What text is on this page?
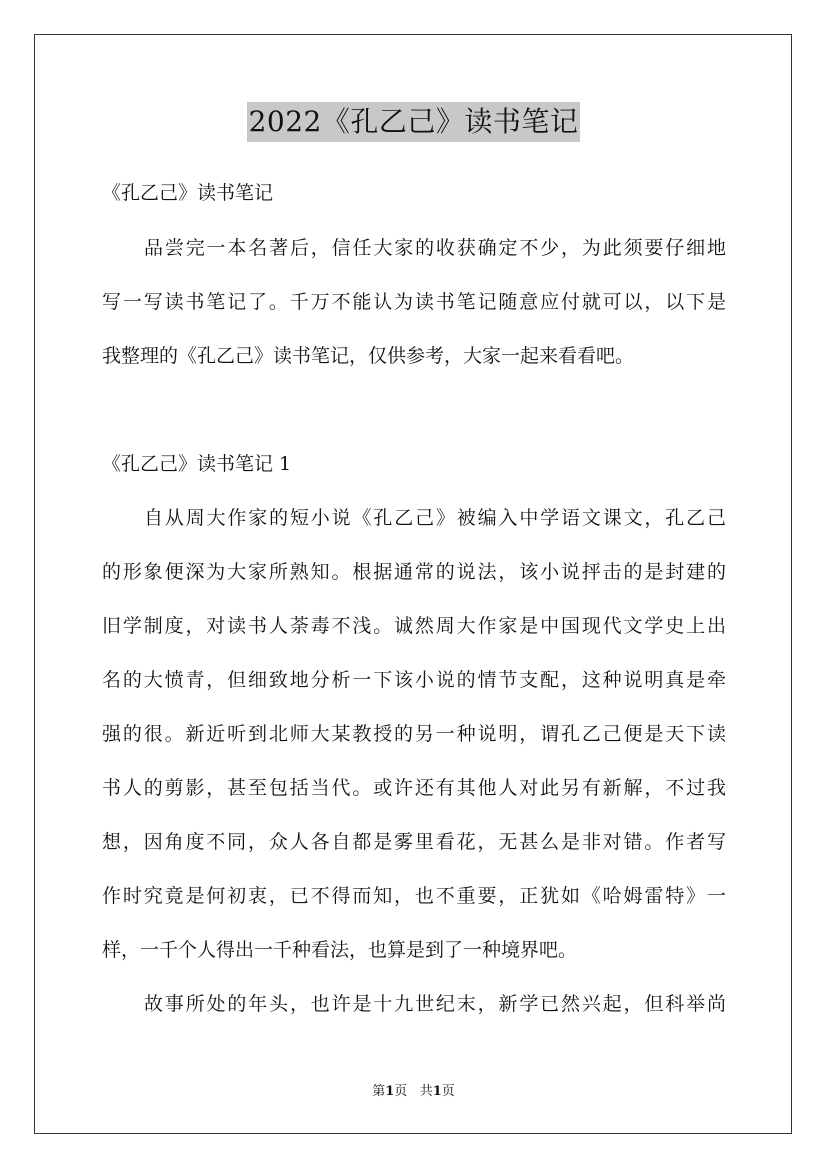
2022《孔乙己》读书笔记
《孔乙己》读书笔记
品尝完一本名著后，信任大家的收获确定不少，为此须要仔细地
写一写读书笔记了。千万不能认为读书笔记随意应付就可以，以下是
我整理的《孔乙己》读书笔记，仅供参考，大家一起来看看吧。
《孔乙己》读书笔记 1
自从周大作家的短小说《孔乙己》被编入中学语文课文，孔乙己
的形象便深为大家所熟知。根据通常的说法，该小说抨击的是封建的
旧学制度，对读书人荼毒不浅。诚然周大作家是中国现代文学史上出
名的大愤青，但细致地分析一下该小说的情节支配，这种说明真是牵
强的很。新近听到北师大某教授的另一种说明，谓孔乙己便是天下读
书人的剪影，甚至包括当代。或许还有其他人对此另有新解，不过我
想，因角度不同，众人各自都是雾里看花，无甚么是非对错。作者写
作时究竟是何初衷，已不得而知，也不重要，正犹如《哈姆雷特》一
样，一千个人得出一千种看法，也算是到了一种境界吧。
故事所处的年头，也许是十九世纪末，新学已然兴起，但科举尚
第1页 共1页
